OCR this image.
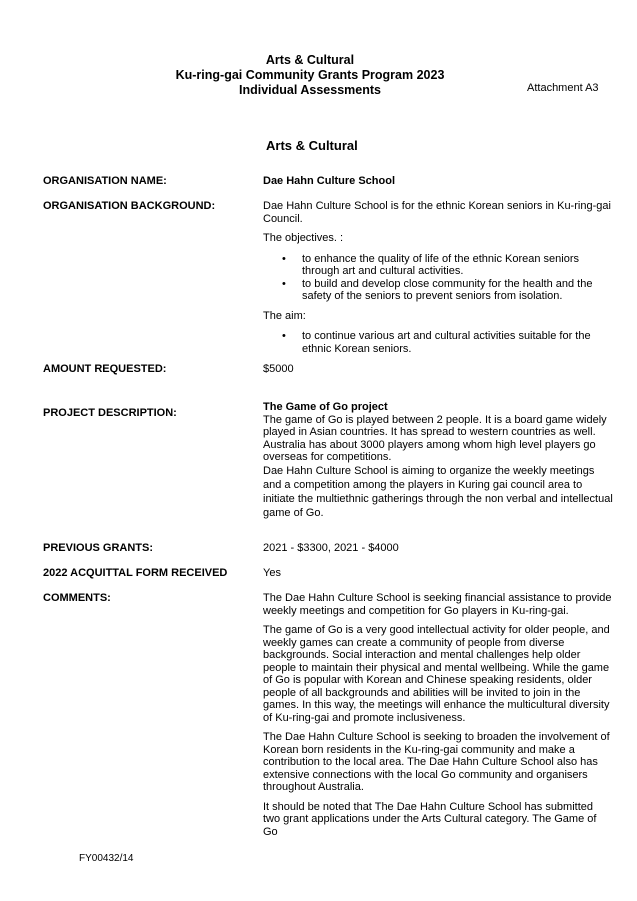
Arts & Cultural
Ku-ring-gai Community Grants Program 2023
Individual Assessments	Attachment A3
Arts & Cultural
ORGANISATION NAME:	Dae Hahn Culture School
ORGANISATION BACKGROUND:	Dae Hahn Culture School is for the ethnic Korean seniors in Ku-ring-gai Council.

The objectives. :

• to enhance the quality of life of the ethnic Korean seniors through art and cultural activities.
• to build and develop close community for the health and the safety of the seniors to prevent seniors from isolation.

The aim:

• to continue various art and cultural activities suitable for the ethnic Korean seniors.
AMOUNT REQUESTED:	$5000
PROJECT DESCRIPTION:	The Game of Go project

The game of Go is played between 2 people. It is a board game widely played in Asian countries. It has spread to western countries as well. Australia has about 3000 players among whom high level players go overseas for competitions.

Dae Hahn Culture School is aiming to organize the weekly meetings and a competition among the players in Kuring gai council area to initiate the multiethnic gatherings through the non verbal and intellectual game of Go.

PREVIOUS GRANTS:	2021 - $3300, 2021 - $4000
2022 ACQUITTAL FORM RECEIVED	Yes
COMMENTS:	The Dae Hahn Culture School is seeking financial assistance to provide weekly meetings and competition for Go players in Ku-ring-gai.

The game of Go is a very good intellectual activity for older people, and weekly games can create a community of people from diverse backgrounds. Social interaction and mental challenges help older people to maintain their physical and mental wellbeing. While the game of Go is popular with Korean and Chinese speaking residents, older people of all backgrounds and abilities will be invited to join in the games. In this way, the meetings will enhance the multicultural diversity of Ku-ring-gai and promote inclusiveness.

The Dae Hahn Culture School is seeking to broaden the involvement of Korean born residents in the Ku-ring-gai community and make a contribution to the local area. The Dae Hahn Culture School also has extensive connections with the local Go community and organisers throughout Australia.

It should be noted that The Dae Hahn Culture School has submitted two grant applications under the Arts Cultural category. The Game of Go

FY00432/14
